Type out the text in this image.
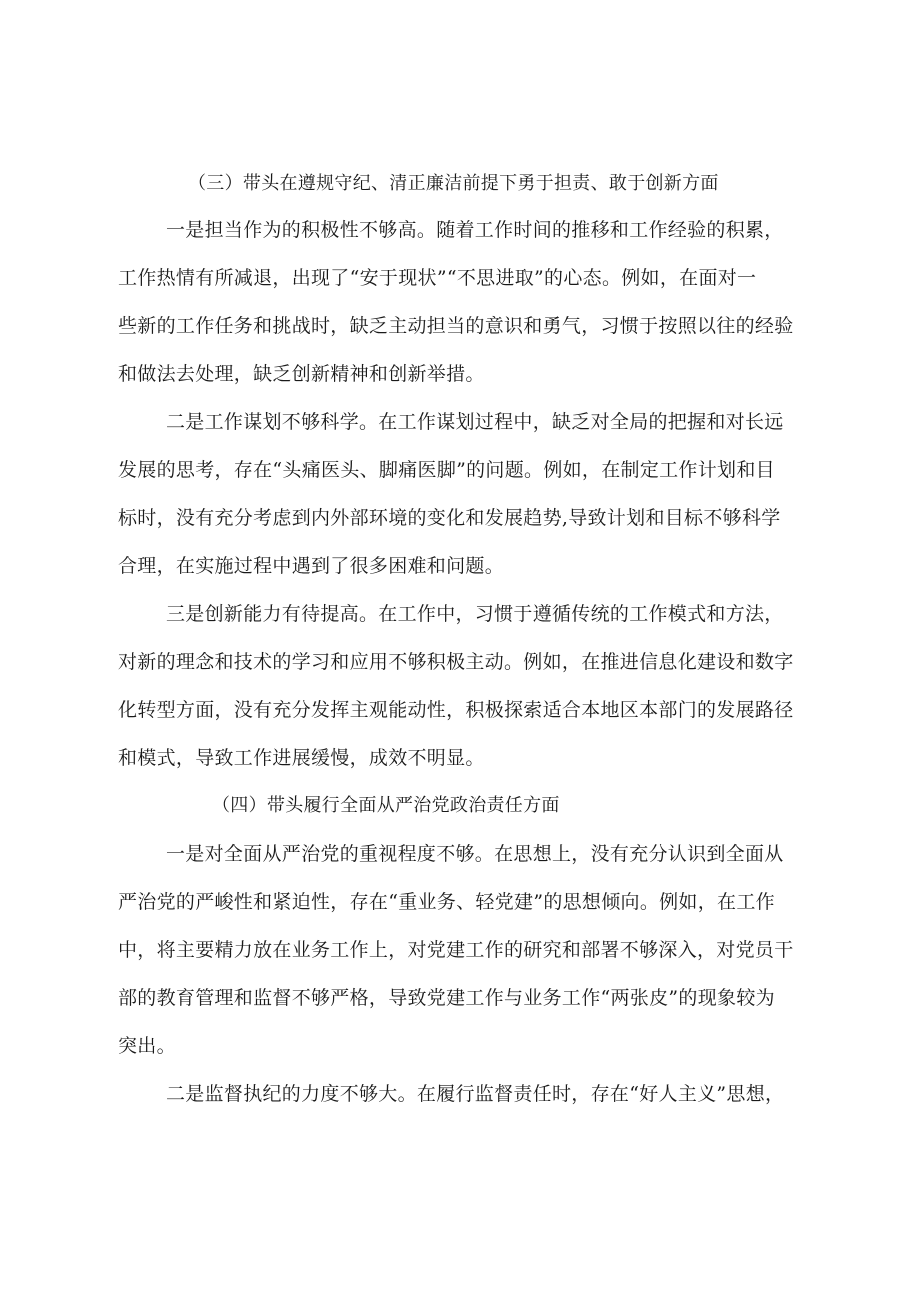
（三）带头在遵规守纪、清正廉洁前提下勇于担责、敢于创新方面
一是担当作为的积极性不够高。随着工作时间的推移和工作经验的积累，
工作热情有所减退，出现了“安于现状”“不思进取”的心态。例如，在面对一
些新的工作任务和挑战时，缺乏主动担当的意识和勇气，习惯于按照以往的经验
和做法去处理，缺乏创新精神和创新举措。
二是工作谋划不够科学。在工作谋划过程中，缺乏对全局的把握和对长远
发展的思考，存在“头痛医头、脚痛医脚”的问题。例如，在制定工作计划和目
标时，没有充分考虑到内外部环境的变化和发展趋势,导致计划和目标不够科学
合理，在实施过程中遇到了很多困难和问题。
三是创新能力有待提高。在工作中，习惯于遵循传统的工作模式和方法，
对新的理念和技术的学习和应用不够积极主动。例如，在推进信息化建设和数字
化转型方面，没有充分发挥主观能动性，积极探索适合本地区本部门的发展路径
和模式，导致工作进展缓慢，成效不明显。
（四）带头履行全面从严治党政治责任方面
一是对全面从严治党的重视程度不够。在思想上，没有充分认识到全面从
严治党的严峻性和紧迫性，存在“重业务、轻党建”的思想倾向。例如，在工作
中，将主要精力放在业务工作上，对党建工作的研究和部署不够深入，对党员干
部的教育管理和监督不够严格，导致党建工作与业务工作“两张皮”的现象较为
突出。
二是监督执纪的力度不够大。在履行监督责任时，存在“好人主义”思想，
